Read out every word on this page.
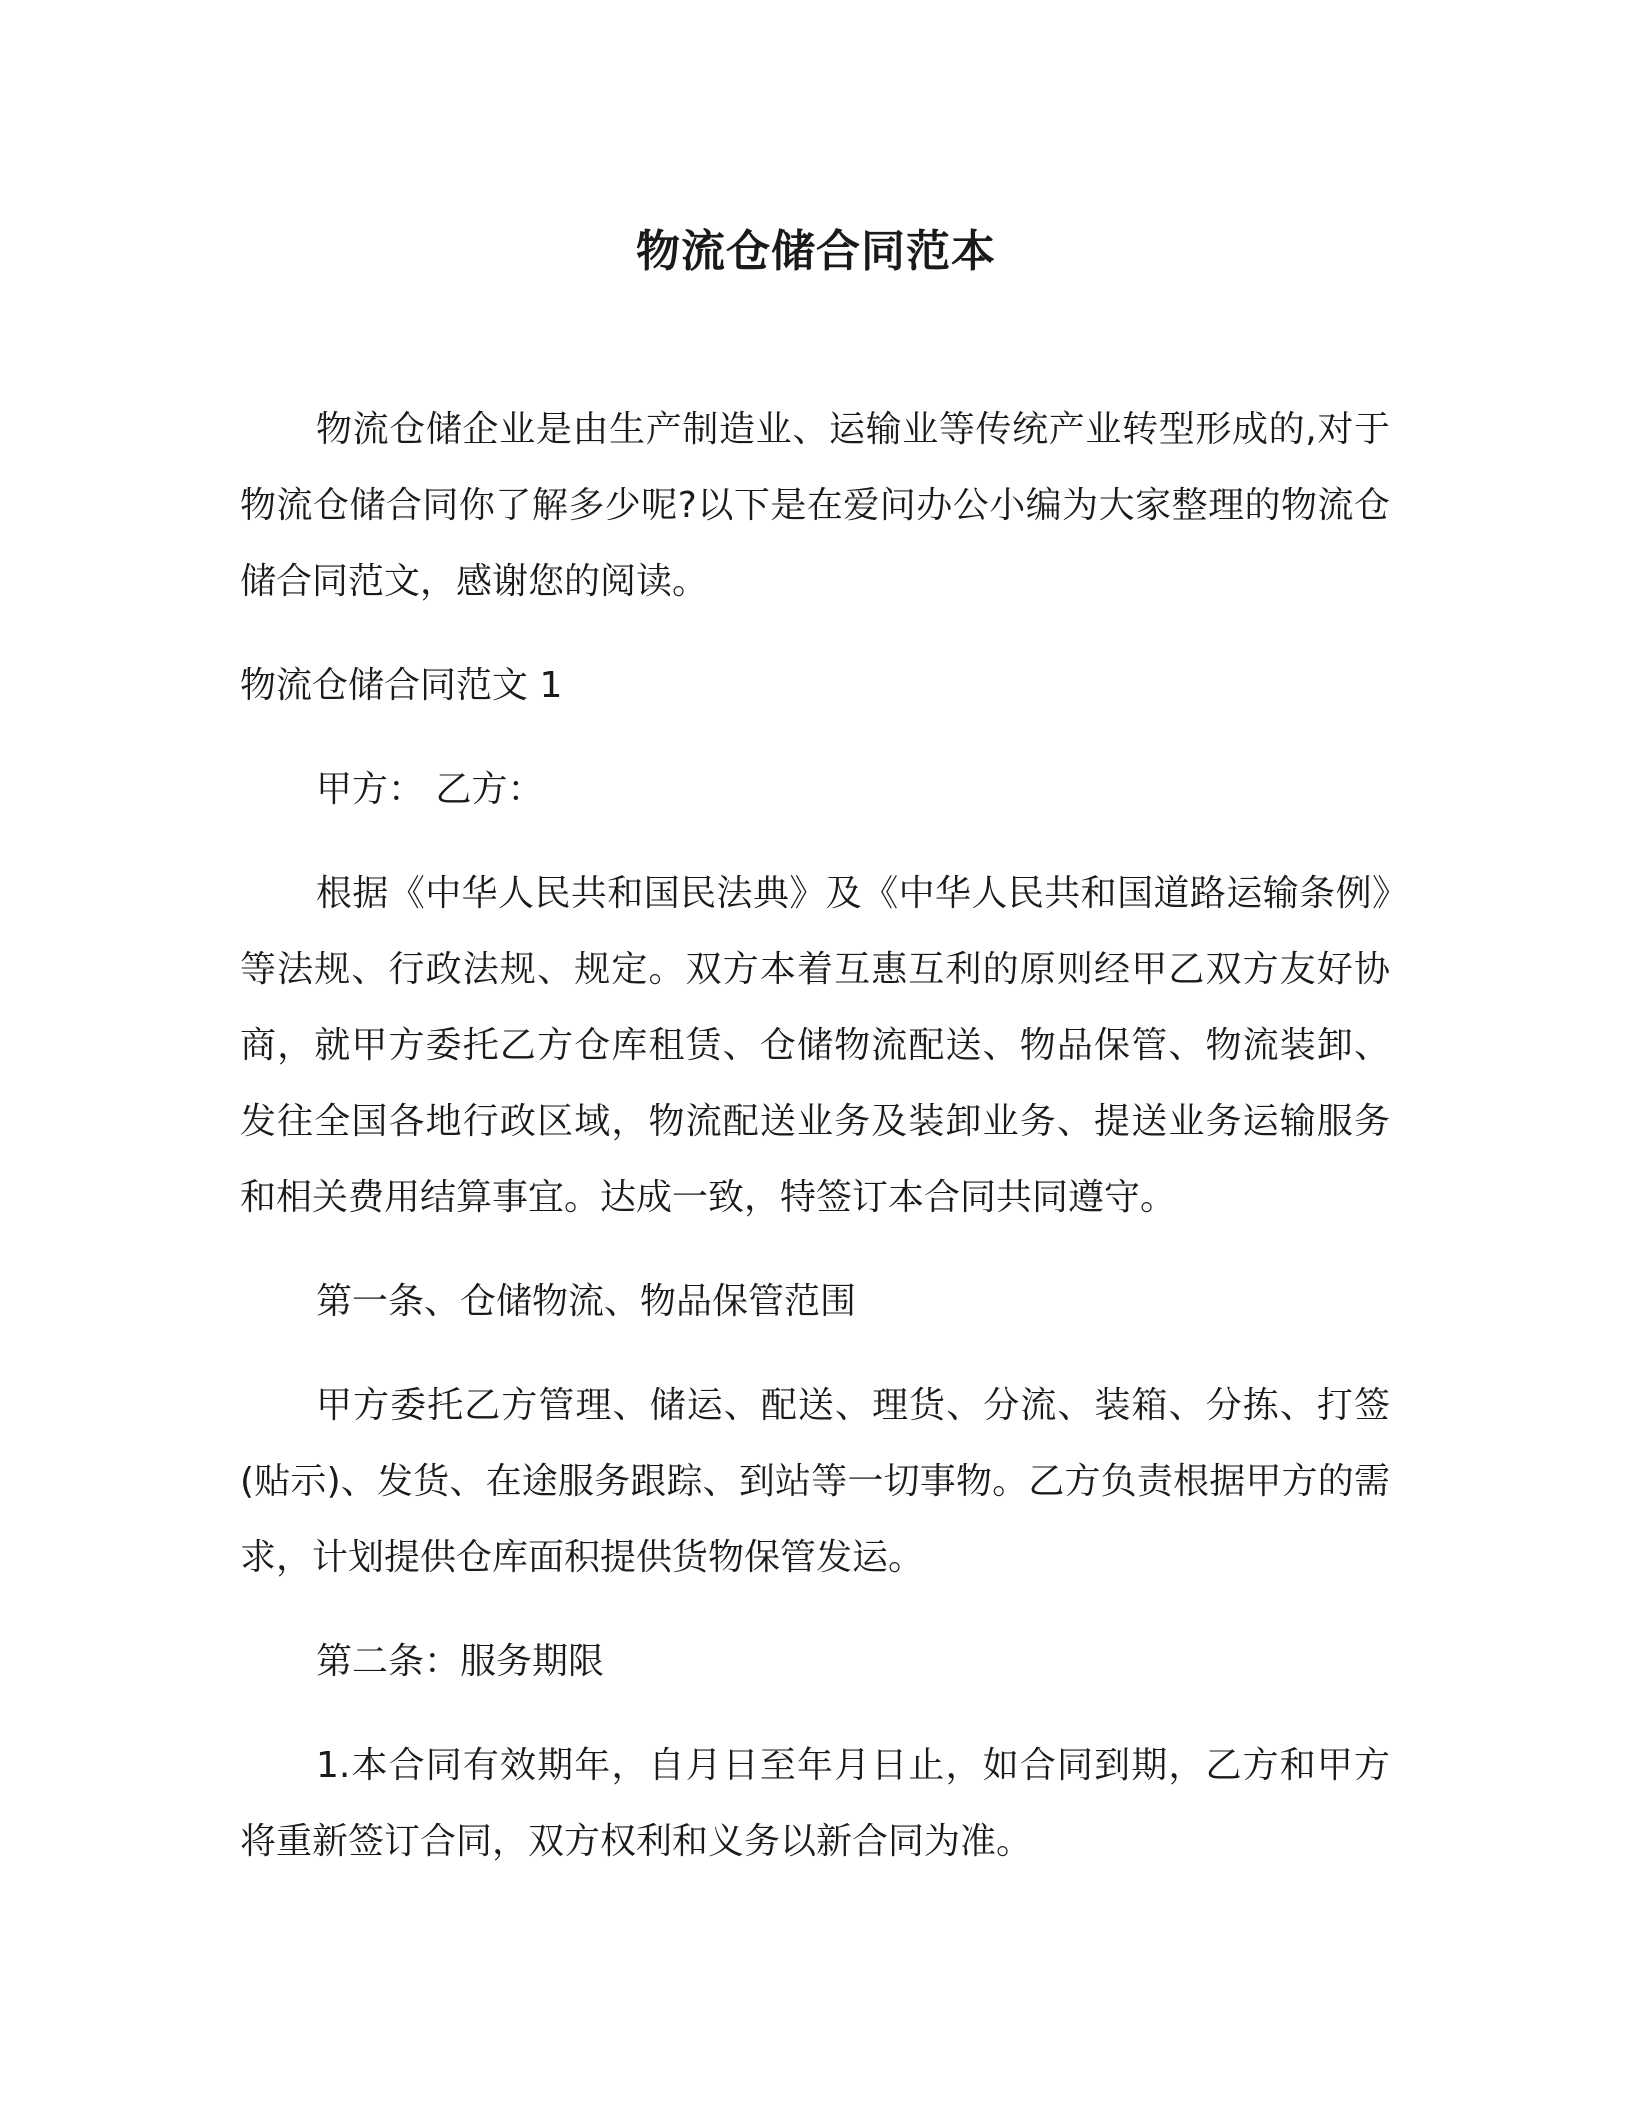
物流仓储合同范本

物流仓储企业是由生产制造业、运输业等传统产业转型形成的,对于物流仓储合同你了解多少呢?以下是在爱问办公小编为大家整理的物流仓储合同范文，感谢您的阅读。

物流仓储合同范文 1

甲方： 乙方：

根据《中华人民共和国民法典》及《中华人民共和国道路运输条例》等法规、行政法规、规定。双方本着互惠互利的原则经甲乙双方友好协商，就甲方委托乙方仓库租赁、仓储物流配送、物品保管、物流装卸、发往全国各地行政区域，物流配送业务及装卸业务、提送业务运输服务和相关费用结算事宜。达成一致，特签订本合同共同遵守。

第一条、仓储物流、物品保管范围

甲方委托乙方管理、储运、配送、理货、分流、装箱、分拣、打签(贴示)、发货、在途服务跟踪、到站等一切事物。乙方负责根据甲方的需求，计划提供仓库面积提供货物保管发运。

第二条：服务期限

1.本合同有效期年，自月日至年月日止，如合同到期，乙方和甲方将重新签订合同，双方权利和义务以新合同为准。
